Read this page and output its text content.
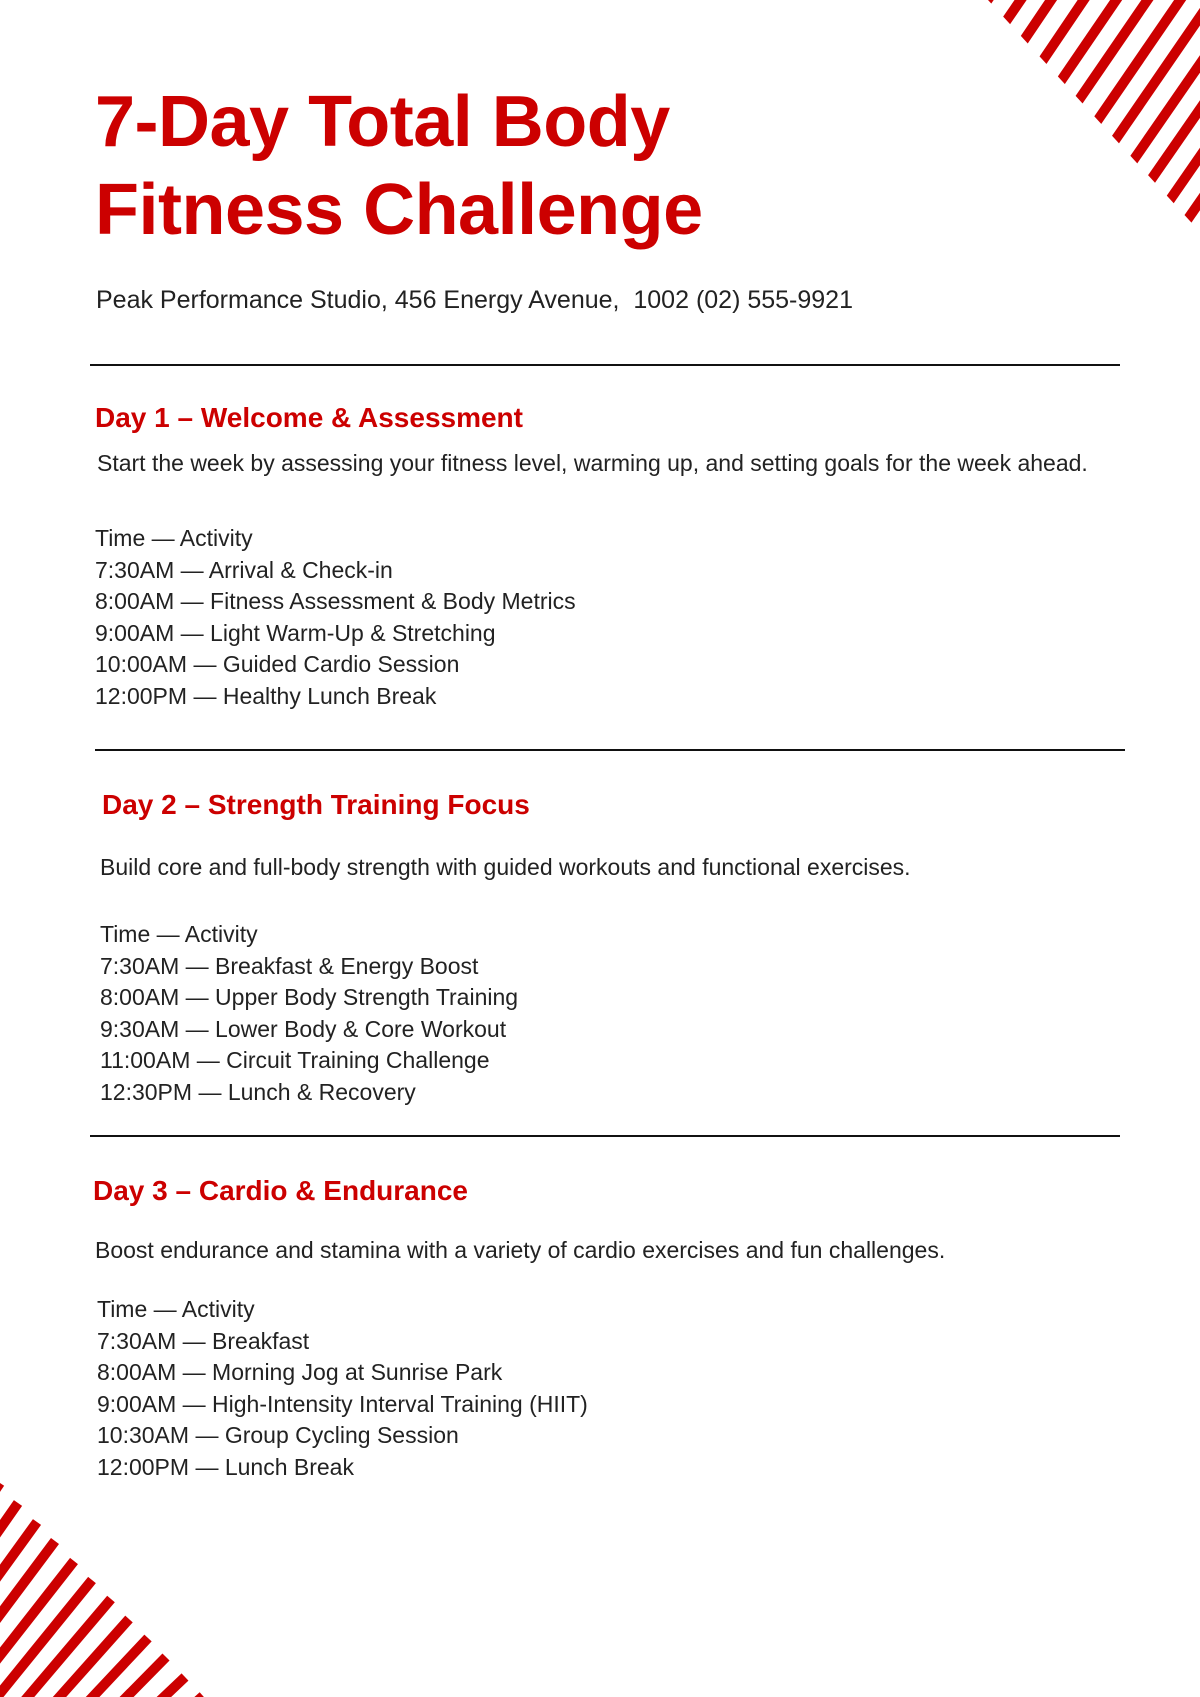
7-Day Total Body
Fitness Challenge
Peak Performance Studio, 456 Energy Avenue,  1002 (02) 555-9921
Day 1 – Welcome & Assessment

Start the week by assessing your fitness level, warming up, and setting goals for the week ahead.

Time — Activity
7:30AM — Arrival & Check-in
8:00AM — Fitness Assessment & Body Metrics
9:00AM — Light Warm-Up & Stretching
10:00AM — Guided Cardio Session
12:00PM — Healthy Lunch Break
Day 2 – Strength Training Focus

Build core and full-body strength with guided workouts and functional exercises.

Time — Activity
7:30AM — Breakfast & Energy Boost
8:00AM — Upper Body Strength Training
9:30AM — Lower Body & Core Workout
11:00AM — Circuit Training Challenge
12:30PM — Lunch & Recovery
Day 3 – Cardio & Endurance

Boost endurance and stamina with a variety of cardio exercises and fun challenges.

Time — Activity
7:30AM — Breakfast
8:00AM — Morning Jog at Sunrise Park
9:00AM — High-Intensity Interval Training (HIIT)
10:30AM — Group Cycling Session
12:00PM — Lunch Break
